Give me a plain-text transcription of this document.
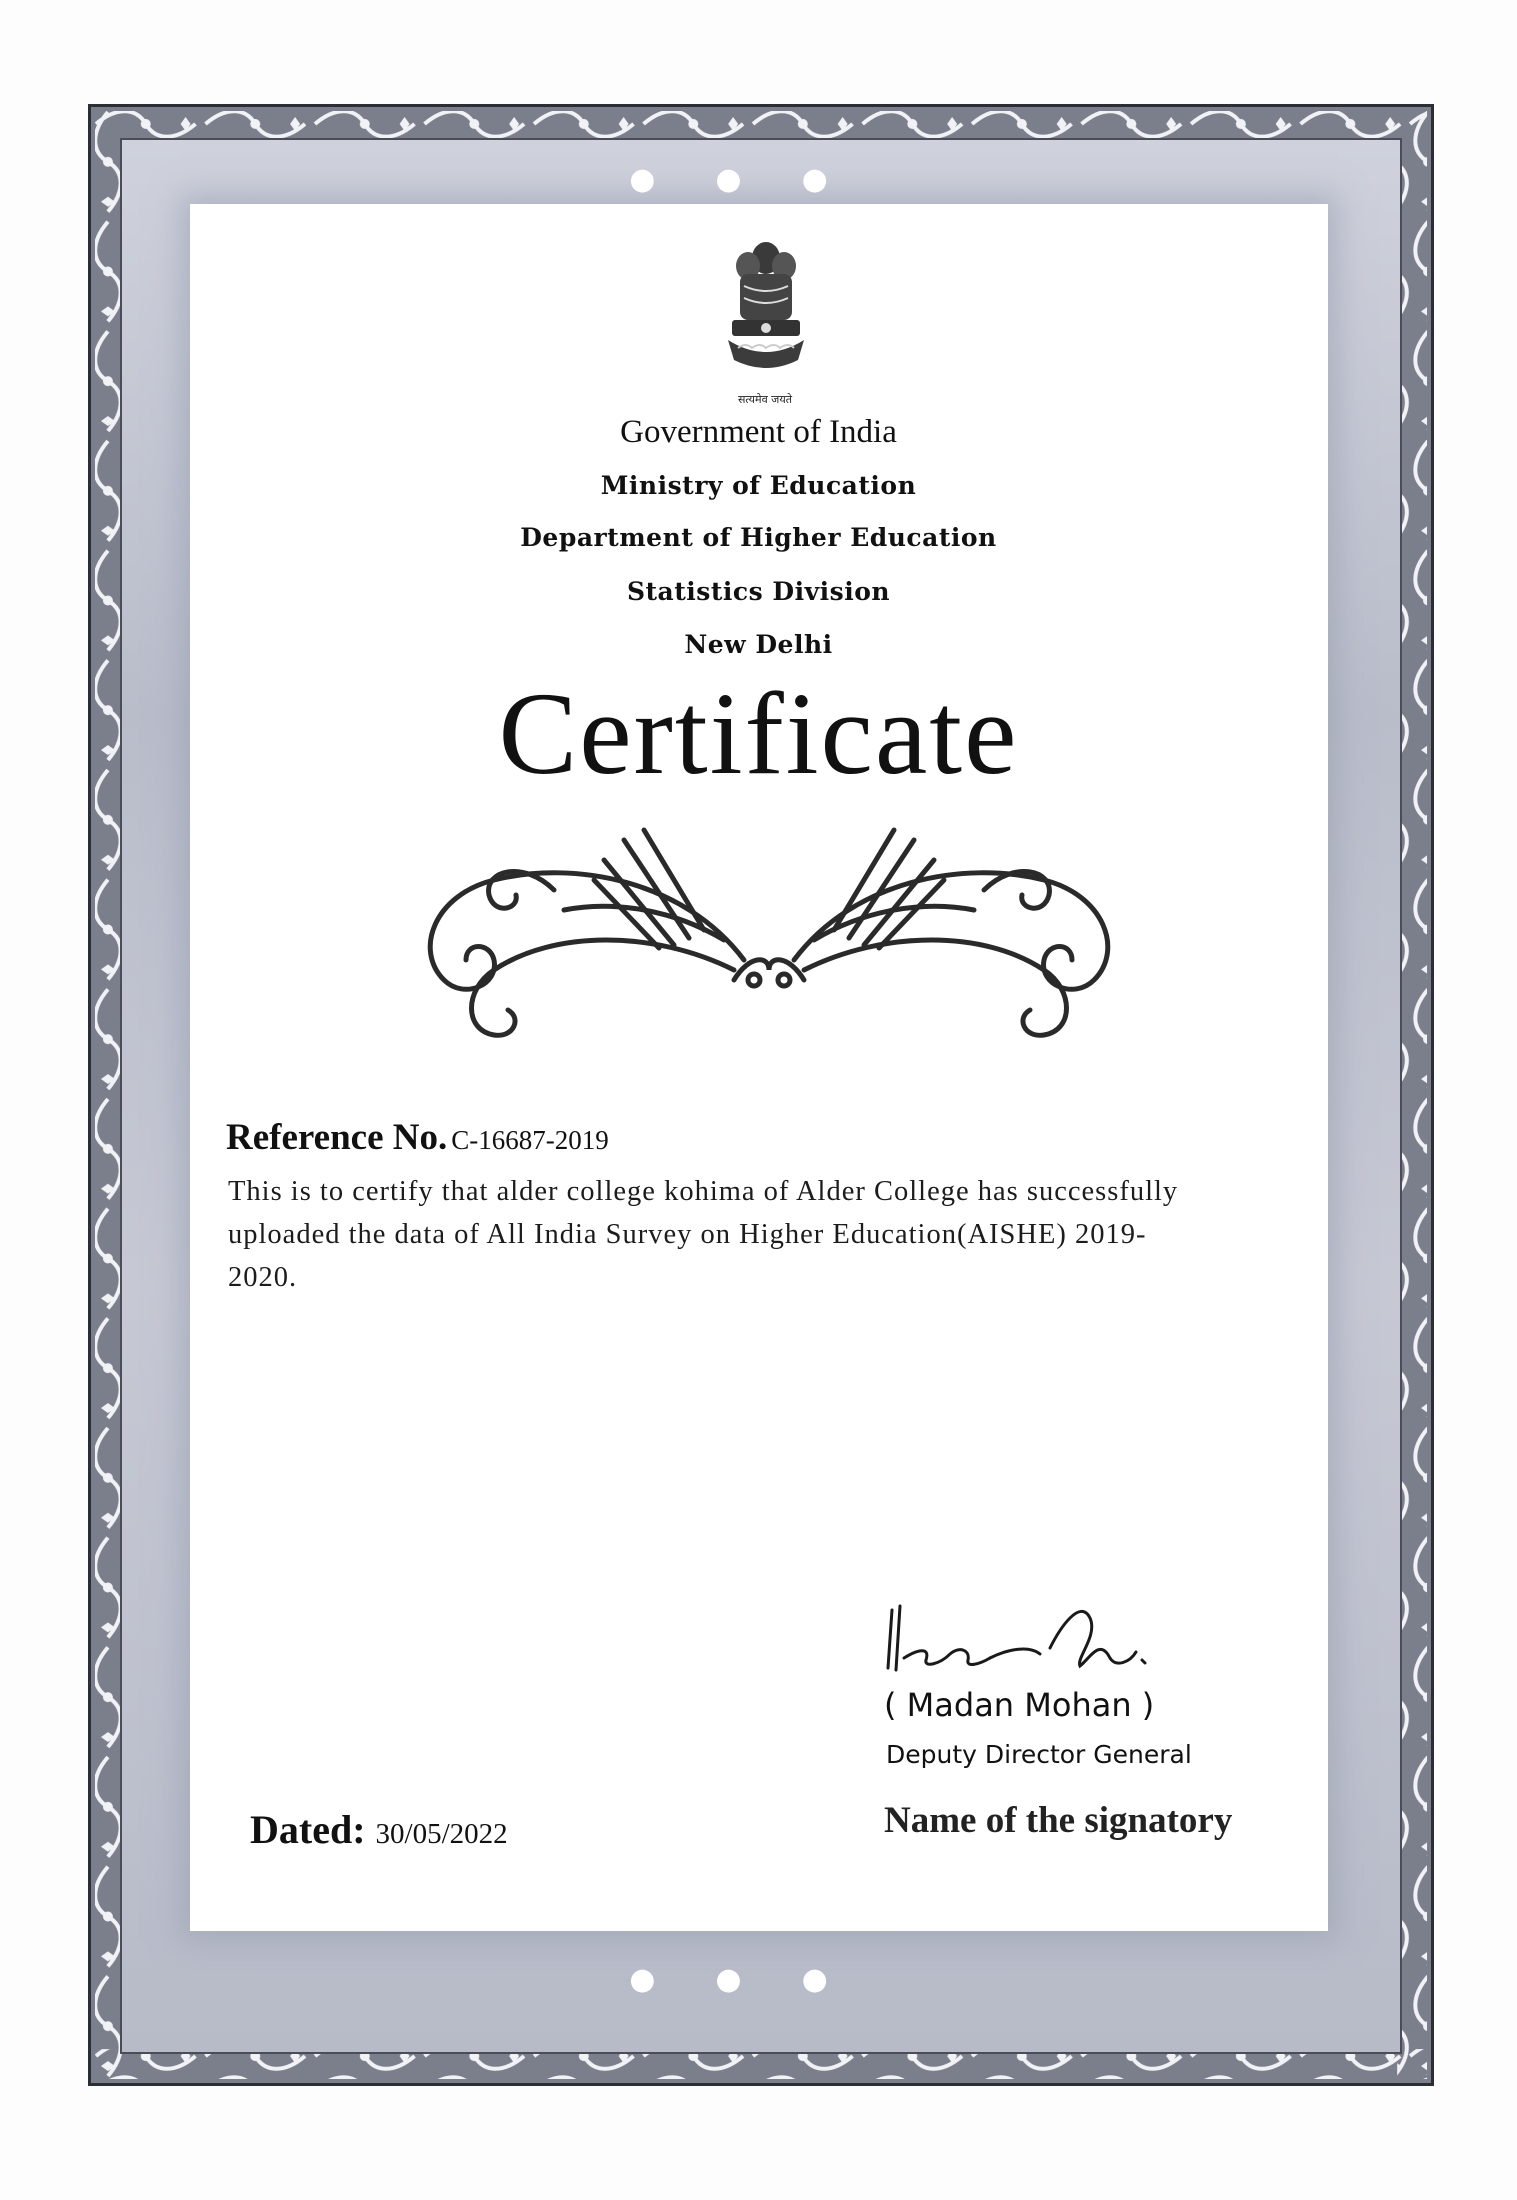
●●●
●●●
सत्यमेव जयते
Government of India
Ministry of Education
Department of Higher Education
Statistics Division
New Delhi
Certificate
Reference No. C-16687-2019
This is to certify that alder college kohima of Alder College has successfully
uploaded the data of All India Survey on Higher Education(AISHE) 2019-
2020.
( Madan Mohan )
Deputy Director General
Name of the signatory
Dated: 30/05/2022
